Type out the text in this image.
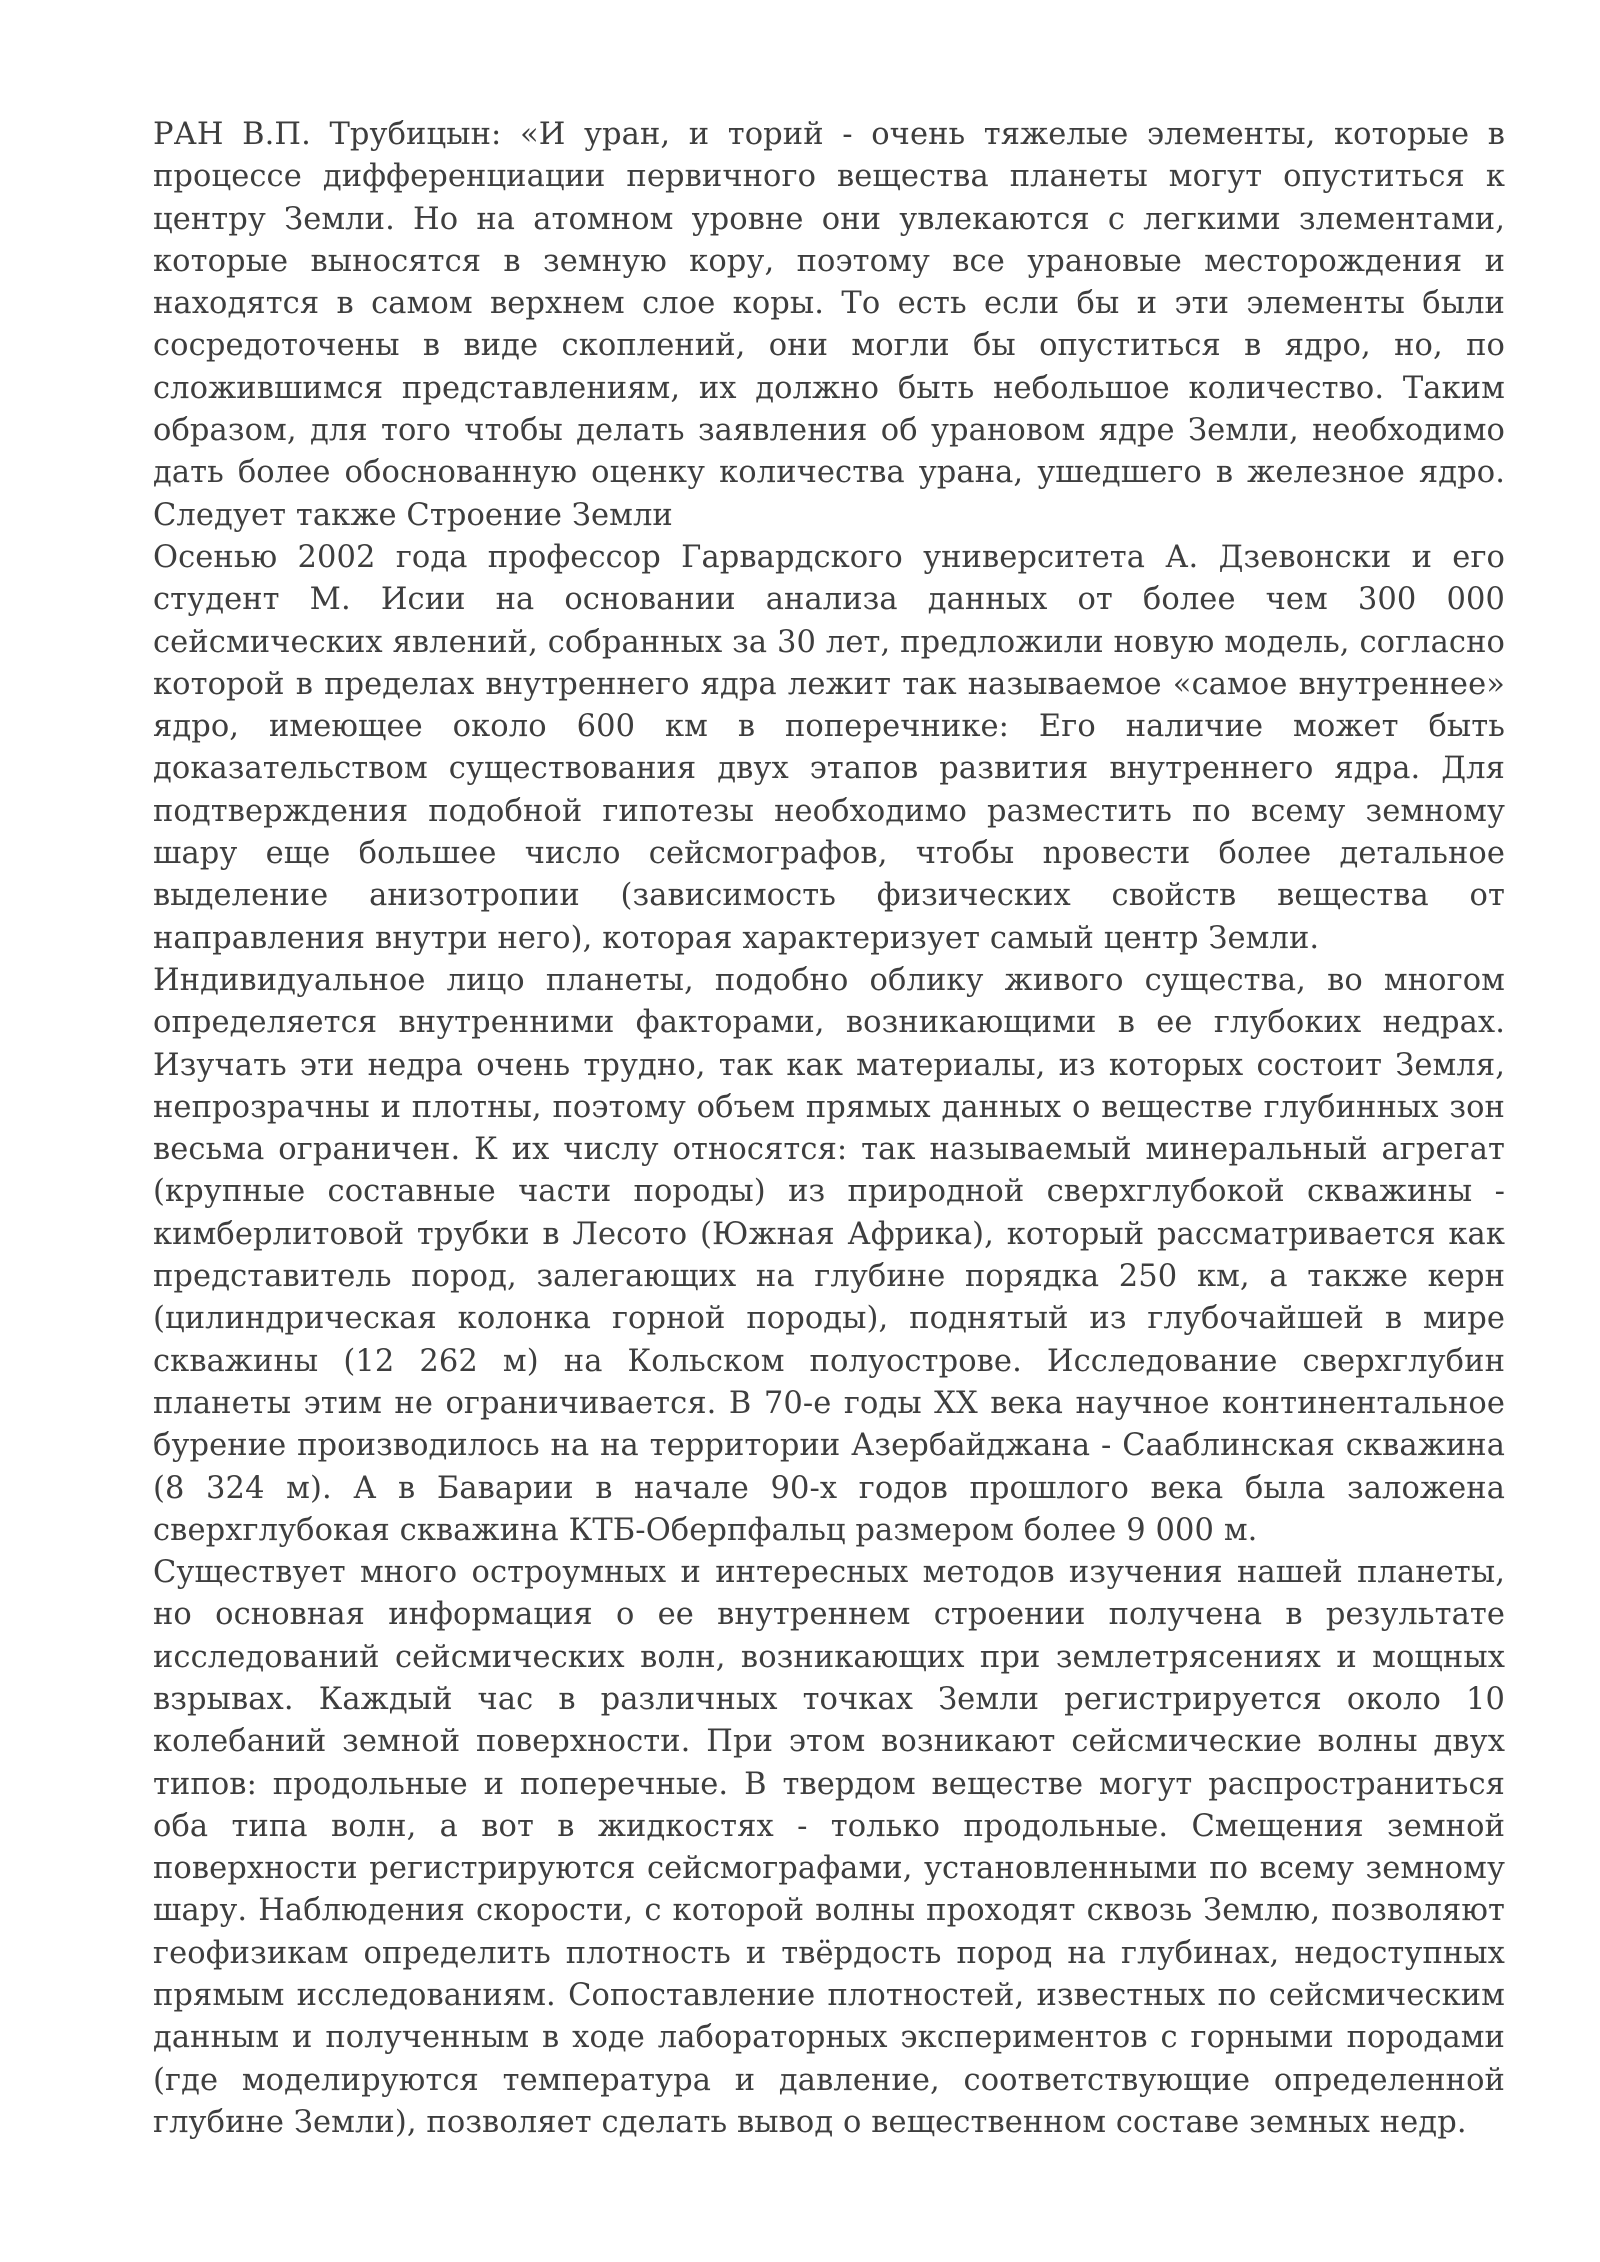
РАН В.П. Трубицын: «И уран, и торий - очень тяжелые элементы, которые в процессе дифференциации первичного вещества планеты могут опуститься к центру Земли. Но на атомном уровне они увлекаются с легкими злементами, которые выносятся в земную кору, поэтому все урановые месторождения и находятся в самом верхнем слое коры. То есть если бы и эти элементы были сосредоточены в виде скоплений, они могли бы опуститься в ядро, но, по сложившимся представлениям, их должно быть небольшое количество. Таким образом, для того чтобы делать заявления об урановом ядре Земли, необходимо дать более обоснованную оценку количества урана, ушедшего в железное ядро. Следует также Строение Земли

Осенью 2002 года профессор Гарвардского университета А. Дзевонски и его студент М. Исии на основании анализа данных от более чем 300 000 сейсмических явлений, собранных за 30 лет, предложили новую модель, согласно которой в пределах внутреннего ядра лежит так называемое «самое внутреннее» ядро, имеющее около 600 км в поперечнике: Его наличие может быть доказательством существования двух этапов развития внутреннего ядра. Для подтверждения подобной гипотезы необходимо разместить по всему земному шару еще большее число сейсмографов, чтобы nровести более детальное выделение анизотропии (зависимость физических свойств вещества от направления внутри него), которая характеризует самый центр Земли.

Индивидуальное лицо планеты, подобно облику живого существа, во многом определяется внутренними факторами, возникающими в ее глубоких недрах. Изучать эти недра очень трудно, так как материалы, из которых состоит Земля, непрозрачны и плотны, поэтому объем прямых данных о веществе глубинных зон весьма ограничен. К их числу относятся: так называемый минеральный агрегат (крупные составные части породы) из природной сверхглубокой скважины - кимберлитовой трубки в Лесото (Южная Африка), который рассматривается как представитель пород, залегающих на глубине порядка 250 км, а также керн (цилиндрическая колонка горной породы), поднятый из глубочайшей в мире скважины (12 262 м) на Кольском полуострове. Исследование сверхглубин планеты этим не ограничивается. В 70-е годы XX века научное континентальное бурение производилось на на территории Азербайджана - Сааблинская скважина (8 324 м). А в Баварии в начале 90-х годов прошлого века была заложена сверхглубокая скважина КТБ-Оберпфальц размером более 9 000 м.

Существует много остроумных и интересных методов изучения нашей планеты, но основная информация о ее внутреннем строении получена в результате исследований сейсмических волн, возникающих при землетрясениях и мощных взрывах. Каждый час в различных точках Земли регистрируется около 10 колебаний земной поверхности. При этом возникают сейсмические волны двух типов: продольные и поперечные. В твердом веществе могут распространиться оба типа волн, а вот в жидкостях - только продольные. Смещения земной поверхности регистрируются сейсмографами, установленными по всему земному шару. Наблюдения скорости, с которой волны проходят сквозь Землю, позволяют геофизикам определить плотность и твёрдость пород на глубинах, недоступных прямым исследованиям. Сопоставление плотностей, известных по сейсмическим данным и полученным в ходе лабораторных экспериментов с горными породами (где моделируются температура и давление, соответствующие определенной глубине Земли), позволяет сделать вывод о вещественном составе земных недр.
